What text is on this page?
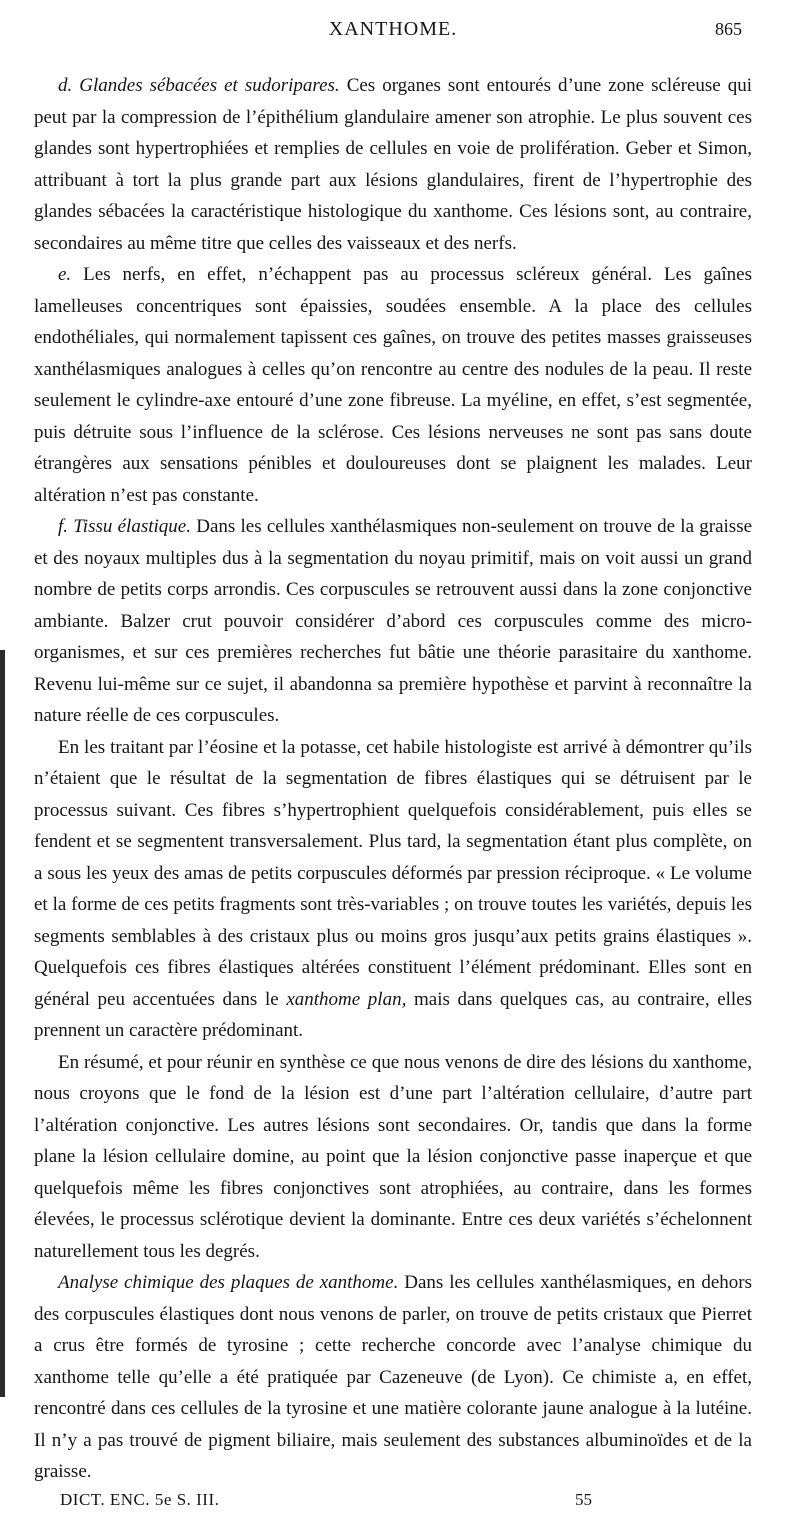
XANTHOME.	865

d. Glandes sébacées et sudoripares. Ces organes sont entourés d’une zone scléreuse qui peut par la compression de l’épithélium glandulaire amener son atrophie. Le plus souvent ces glandes sont hypertrophiées et remplies de cellules en voie de prolifération. Geber et Simon, attribuant à tort la plus grande part aux lésions glandulaires, firent de l’hypertrophie des glandes sébacées la caractéristique histologique du xanthome. Ces lésions sont, au contraire, secondaires au même titre que celles des vaisseaux et des nerfs.

e. Les nerfs, en effet, n’échappent pas au processus scléreux général. Les gaînes lamelleuses concentriques sont épaissies, soudées ensemble. A la place des cellules endothéliales, qui normalement tapissent ces gaînes, on trouve des petites masses graisseuses xanthélasmiques analogues à celles qu’on rencontre au centre des nodules de la peau. Il reste seulement le cylindre-axe entouré d’une zone fibreuse. La myéline, en effet, s’est segmentée, puis détruite sous l’influence de la sclérose. Ces lésions nerveuses ne sont pas sans doute étrangères aux sensations pénibles et douloureuses dont se plaignent les malades. Leur altération n’est pas constante.

f. Tissu élastique. Dans les cellules xanthélasmiques non-seulement on trouve de la graisse et des noyaux multiples dus à la segmentation du noyau primitif, mais on voit aussi un grand nombre de petits corps arrondis. Ces corpuscules se retrouvent aussi dans la zone conjonctive ambiante. Balzer crut pouvoir considérer d’abord ces corpuscules comme des micro-organismes, et sur ces premières recherches fut bâtie une théorie parasitaire du xanthome. Revenu lui-même sur ce sujet, il abandonna sa première hypothèse et parvint à reconnaître la nature réelle de ces corpuscules.

En les traitant par l’éosine et la potasse, cet habile histologiste est arrivé à démontrer qu’ils n’étaient que le résultat de la segmentation de fibres élastiques qui se détruisent par le processus suivant. Ces fibres s’hypertrophient quelquefois considérablement, puis elles se fendent et se segmentent transversalement. Plus tard, la segmentation étant plus complète, on a sous les yeux des amas de petits corpuscules déformés par pression réciproque. « Le volume et la forme de ces petits fragments sont très-variables ; on trouve toutes les variétés, depuis les segments semblables à des cristaux plus ou moins gros jusqu’aux petits grains élastiques ». Quelquefois ces fibres élastiques altérées constituent l’élément prédominant. Elles sont en général peu accentuées dans le xanthome plan, mais dans quelques cas, au contraire, elles prennent un caractère prédominant.

En résumé, et pour réunir en synthèse ce que nous venons de dire des lésions du xanthome, nous croyons que le fond de la lésion est d’une part l’altération cellulaire, d’autre part l’altération conjonctive. Les autres lésions sont secondaires. Or, tandis que dans la forme plane la lésion cellulaire domine, au point que la lésion conjonctive passe inaperçue et que quelquefois même les fibres conjonctives sont atrophiées, au contraire, dans les formes élevées, le processus sclérotique devient la dominante. Entre ces deux variétés s’échelonnent naturellement tous les degrés.

Analyse chimique des plaques de xanthome. Dans les cellules xanthélasmiques, en dehors des corpuscules élastiques dont nous venons de parler, on trouve de petits cristaux que Pierret a crus être formés de tyrosine ; cette recherche concorde avec l’analyse chimique du xanthome telle qu’elle a été pratiquée par Cazeneuve (de Lyon). Ce chimiste a, en effet, rencontré dans ces cellules de la tyrosine et une matière colorante jaune analogue à la lutéine. Il n’y a pas trouvé de pigment biliaire, mais seulement des substances albuminoïdes et de la graisse.

DICT. ENC. 5e S. III.	55
